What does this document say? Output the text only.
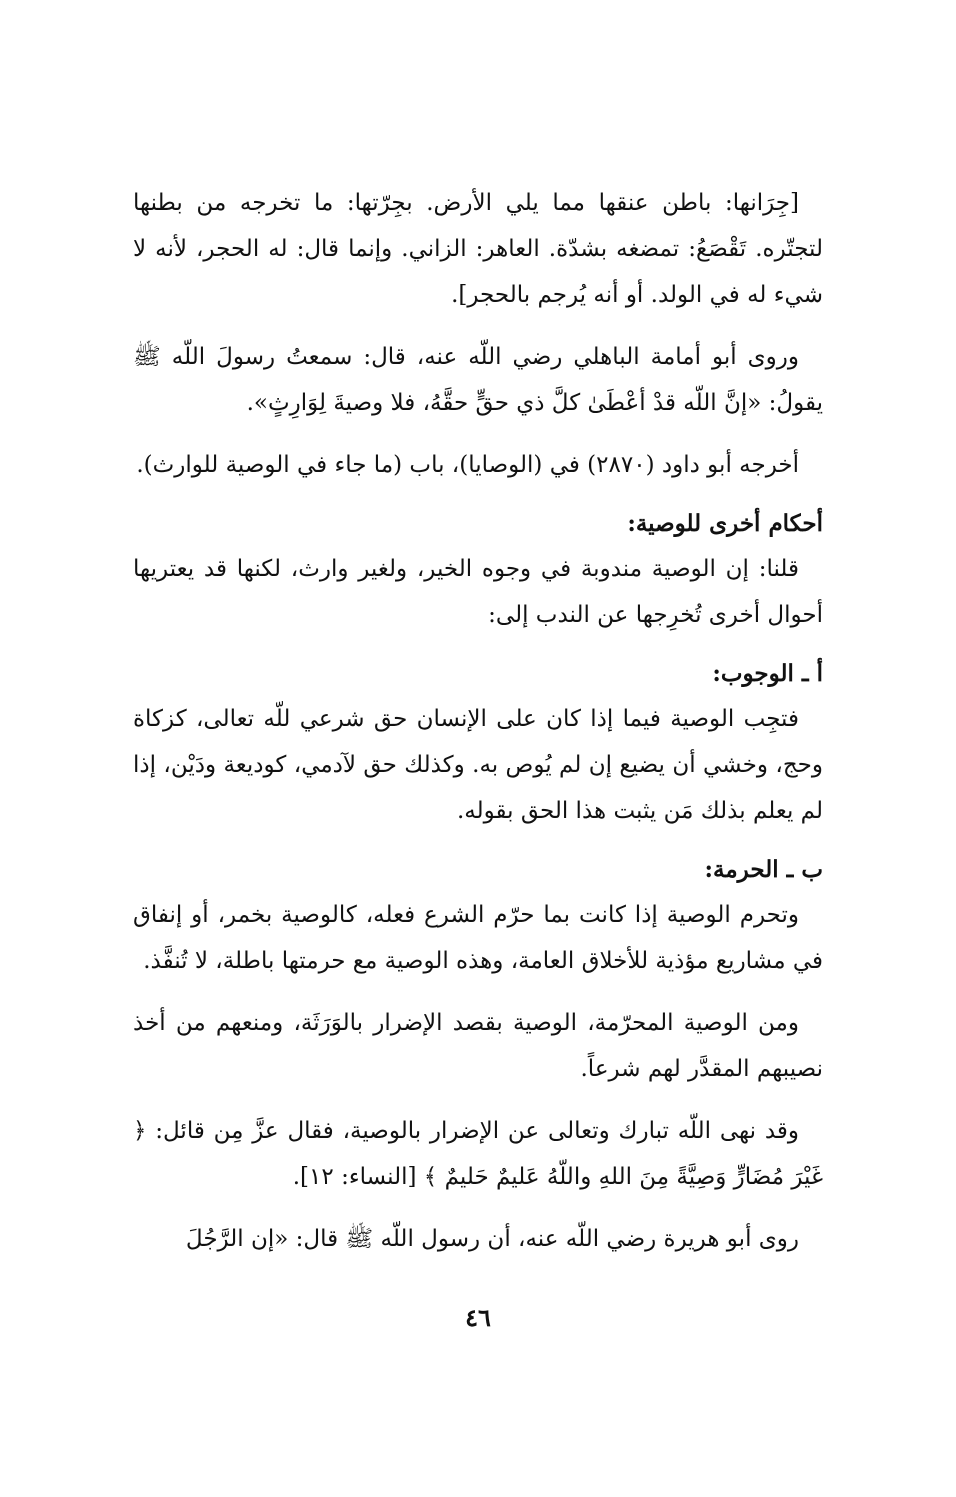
[جِرَانها: باطن عنقها مما يلي الأرض. بجِرّتها: ما تخرجه من بطنها لتجتّره. تَقْصَعُ: تمضغه بشدّة. العاهر: الزاني. وإنما قال: له الحجر، لأنه لا شيء له في الولد. أو أنه يُرجم بالحجر].

وروى أبو أمامة الباهلي رضي اللّه عنه، قال: سمعتُ رسولَ اللّه ﷺ يقولُ: «إنَّ اللّه قدْ أعْطَىٰ كلَّ ذي حقٍّ حقَّهُ، فلا وصيةَ لِوَارِثٍ».

أخرجه أبو داود (٢٨٧٠) في (الوصايا)، باب (ما جاء في الوصية للوارث).

أحكام أخرى للوصية:

قلنا: إن الوصية مندوبة في وجوه الخير، ولغير وارث، لكنها قد يعتريها أحوال أخرى تُخرِجها عن الندب إلى:

أ ـ الوجوب:

فتجِب الوصية فيما إذا كان على الإنسان حق شرعي للّه تعالى، كزكاة وحج، وخشي أن يضيع إن لم يُوص به. وكذلك حق لآدمي، كوديعة ودَيْن، إذا لم يعلم بذلك مَن يثبت هذا الحق بقوله.

ب ـ الحرمة:

وتحرم الوصية إذا كانت بما حرّم الشرع فعله، كالوصية بخمر، أو إنفاق في مشاريع مؤذية للأخلاق العامة، وهذه الوصية مع حرمتها باطلة، لا تُنفَّذ.

ومن الوصية المحرّمة، الوصية بقصد الإضرار بالوَرَثَة، ومنعهم من أخذ نصيبهم المقدَّر لهم شرعاً.

وقد نهى اللّه تبارك وتعالى عن الإضرار بالوصية، فقال عزَّ مِن قائل: ﴿ غَيْرَ مُضَارٍّ وَصِيَّةً مِنَ اللهِ واللّهُ عَليمٌ حَليمٌ ﴾ [النساء: ١٢].

روى أبو هريرة رضي اللّه عنه، أن رسول اللّه ﷺ قال: «إن الرَّجُلَ

٤٦
